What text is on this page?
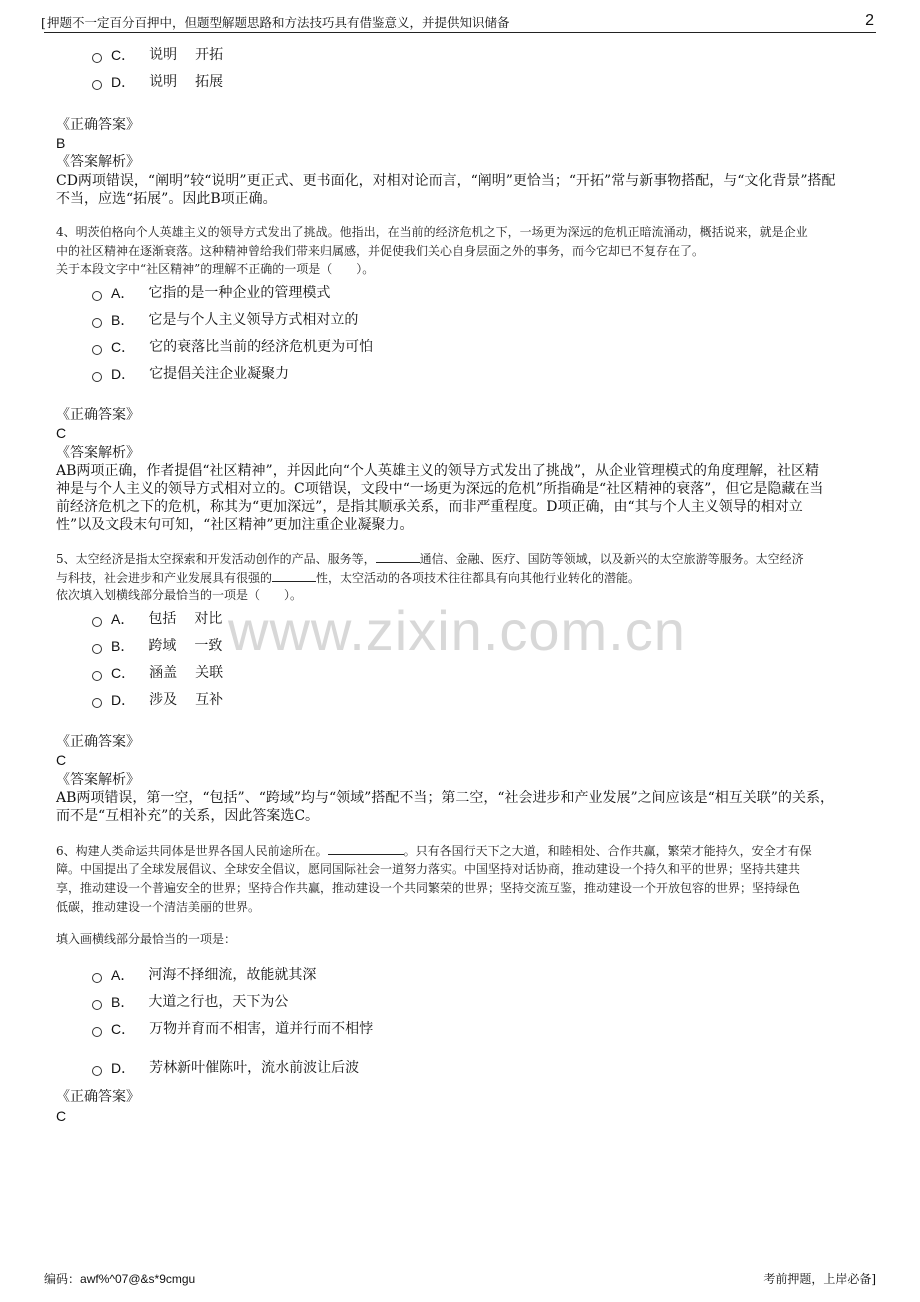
[ 押题不一定百分百押中，但题型解题思路和方法技巧具有借鉴意义，并提供知识储备	2
C． 说明 开拓
D． 说明 拓展
《正确答案》
B
《答案解析》
CD两项错误，“阐明”较“说明”更正式、更书面化，对相对论而言，“阐明”更恰当；“开拓”常与新事物搭配，与“文化背景”搭配
不当，应选“拓展”。因此B项正确。
4、明茨伯格向个人英雄主义的领导方式发出了挑战。他指出，在当前的经济危机之下，一场更为深远的危机正暗流涌动，概括说来，就是企业
中的社区精神在逐渐衰落。这种精神曾给我们带来归属感，并促使我们关心自身层面之外的事务，而今它却已不复存在了。
关于本段文字中“社区精神”的理解不正确的一项是（　　）。
A． 它指的是一种企业的管理模式
B． 它是与个人主义领导方式相对立的
C． 它的衰落比当前的经济危机更为可怕
D． 它提倡关注企业凝聚力
《正确答案》
C
《答案解析》
AB两项正确，作者提倡“社区精神”，并因此向“个人英雄主义的领导方式发出了挑战”，从企业管理模式的角度理解，社区精
神是与个人主义的领导方式相对立的。C项错误，文段中“一场更为深远的危机”所指确是“社区精神的衰落”，但它是隐藏在当
前经济危机之下的危机，称其为“更加深远”，是指其顺承关系，而非严重程度。D项正确，由“其与个人主义领导的相对立
性”以及文段末句可知，“社区精神”更加注重企业凝聚力。
5、太空经济是指太空探索和开发活动创作的产品、服务等，	通信、金融、医疗、国防等领域，以及新兴的太空旅游等服务。太空经济
与科技，社会进步和产业发展具有很强的	性，太空活动的各项技术往往都具有向其他行业转化的潜能。
依次填入划横线部分最恰当的一项是（　　）。
A． 包括 对比
B． 跨域 一致
C． 涵盖 关联
D． 涉及 互补
《正确答案》
C
《答案解析》
AB两项错误，第一空，“包括”、“跨域”均与“领域”搭配不当；第二空，“社会进步和产业发展”之间应该是“相互关联”的关系，
而不是“互相补充”的关系，因此答案选C。
6、构建人类命运共同体是世界各国人民前途所在。	。只有各国行天下之大道，和睦相处、合作共赢，繁荣才能持久，安全才有保
障。中国提出了全球发展倡议、全球安全倡议，愿同国际社会一道努力落实。中国坚持对话协商，推动建设一个持久和平的世界；坚持共建共
享，推动建设一个普遍安全的世界；坚持合作共赢，推动建设一个共同繁荣的世界；坚持交流互鉴，推动建设一个开放包容的世界；坚持绿色
低碳，推动建设一个清洁美丽的世界。
填入画横线部分最恰当的一项是：
A． 河海不择细流，故能就其深
B． 大道之行也，天下为公
C． 万物并育而不相害，道并行而不相悖
D． 芳林新叶催陈叶，流水前波让后波
《正确答案》
C
www.zixin.com.cn
编码：awf%^07@&s*9cmgu	考前押题，上岸必备]
